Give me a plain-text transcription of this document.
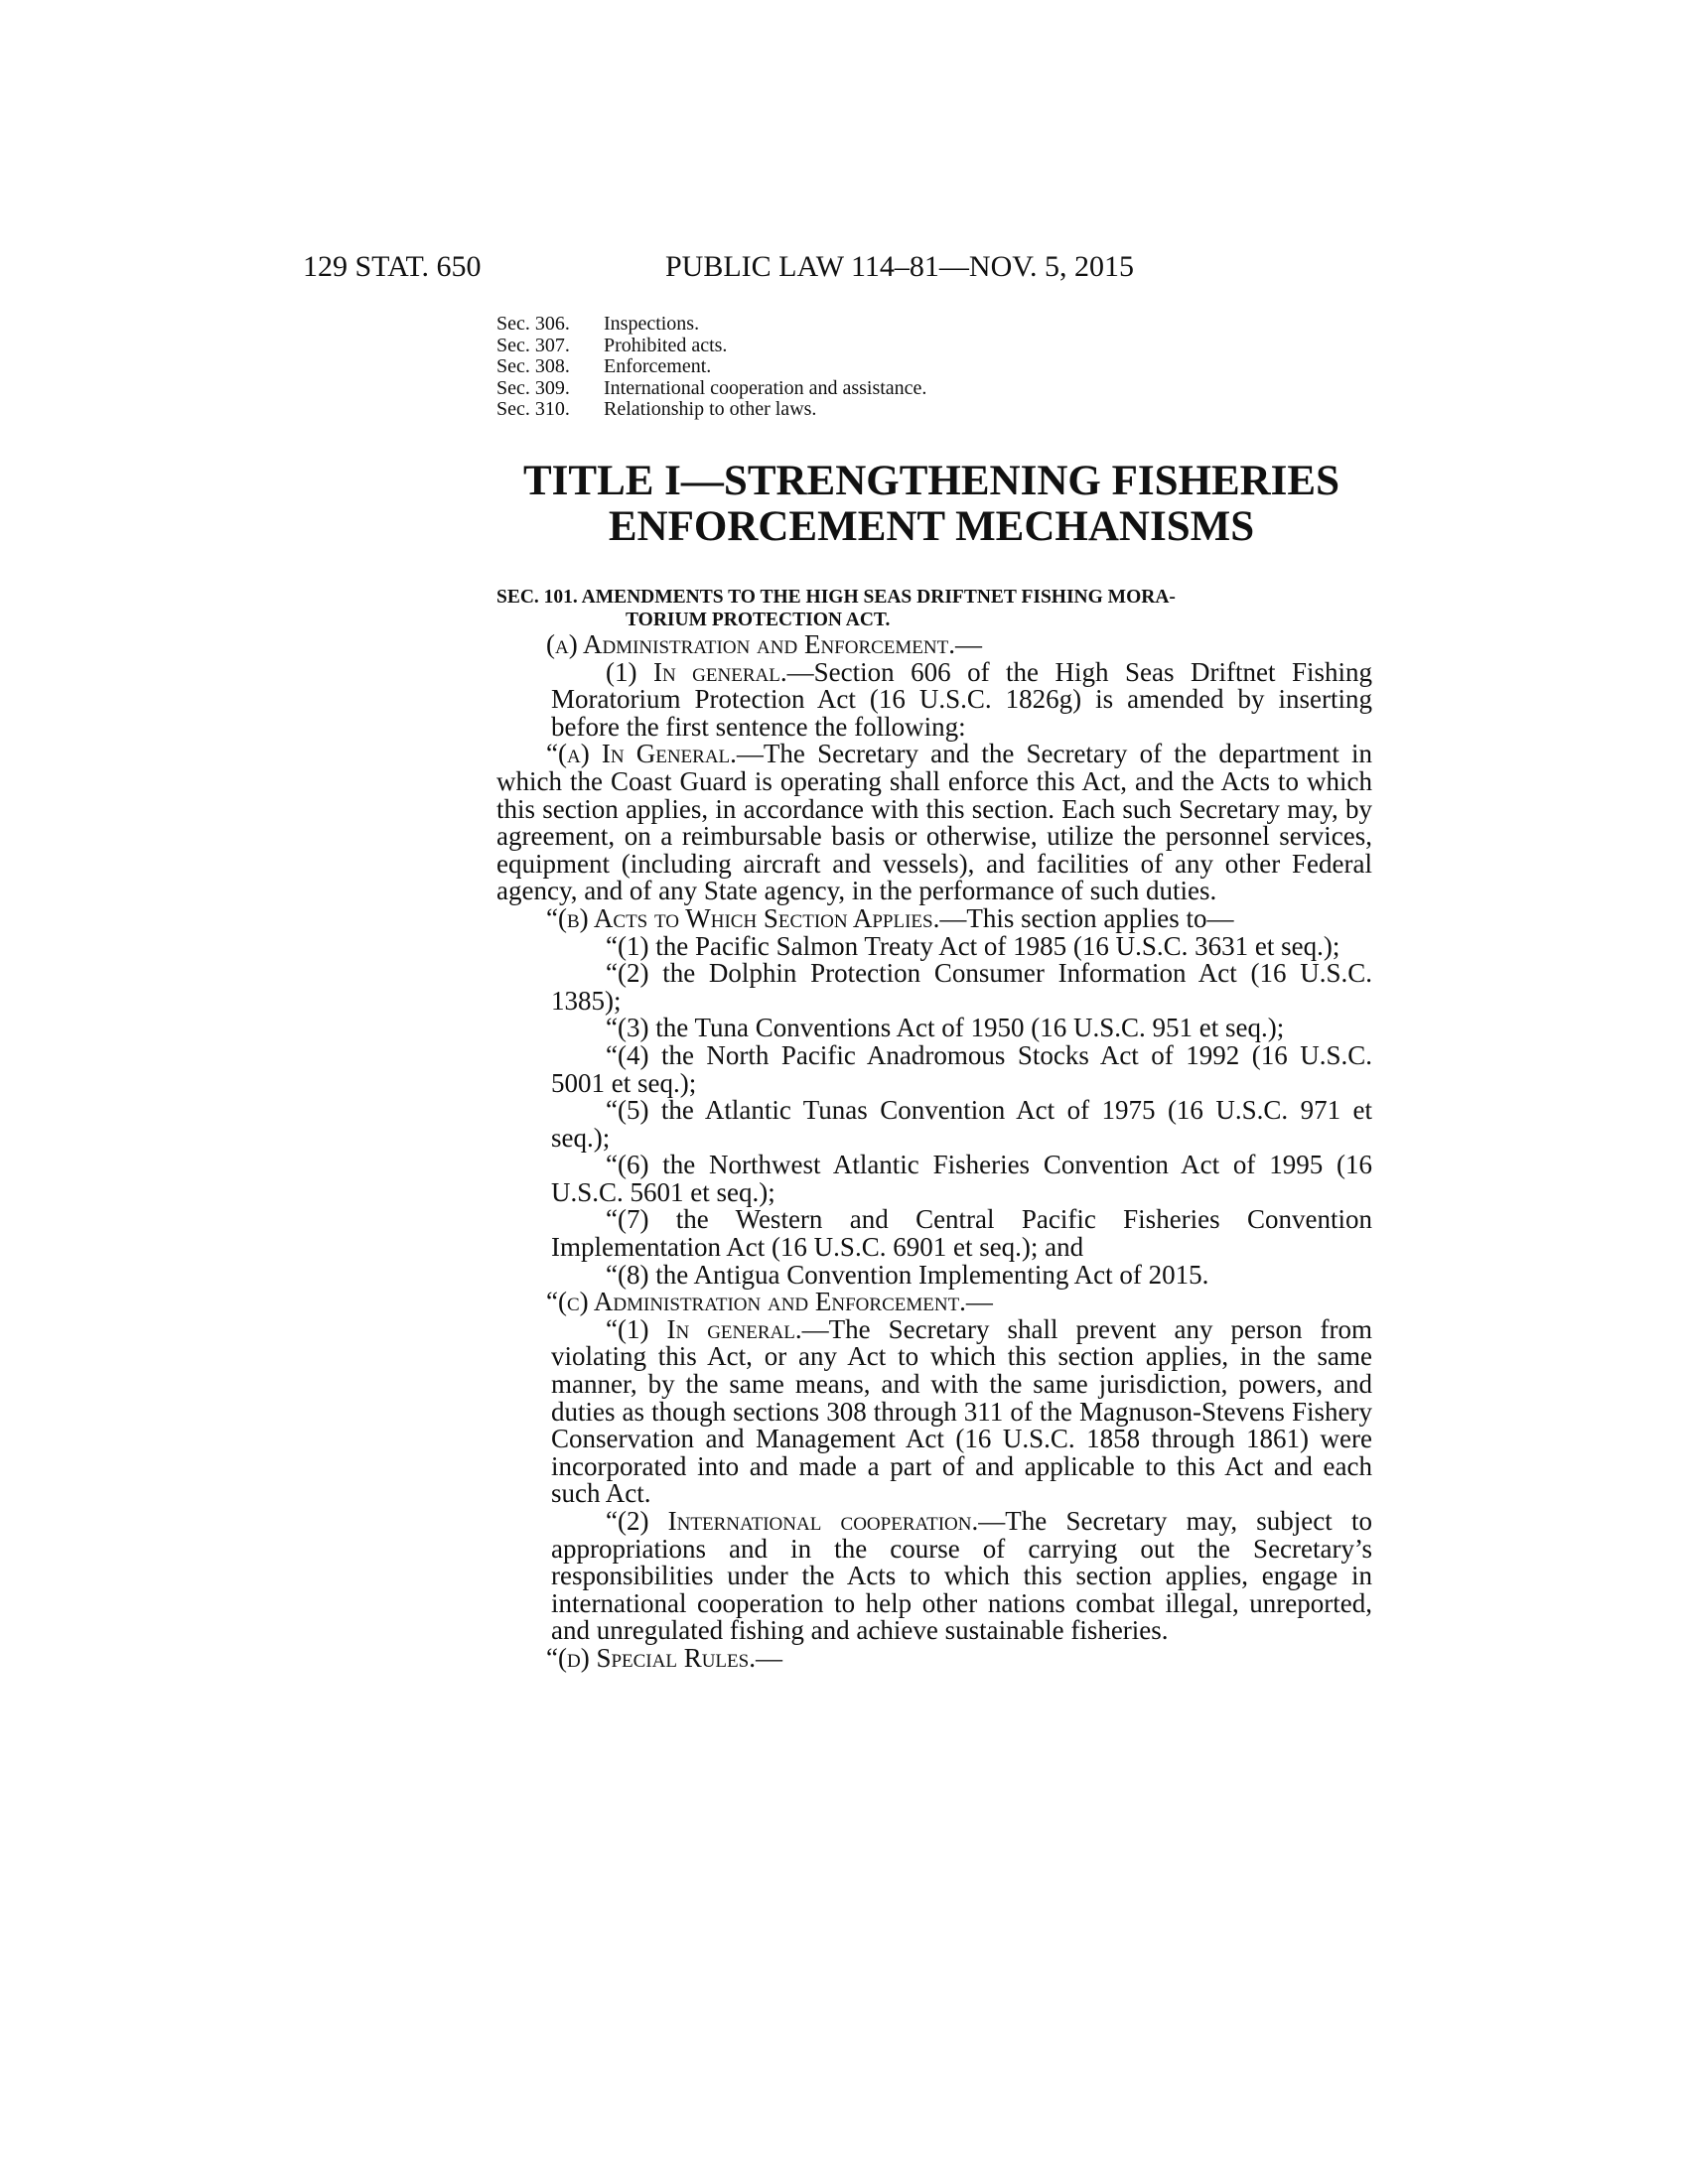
129 STAT. 650	PUBLIC LAW 114–81—NOV. 5, 2015
Sec. 306. Inspections.
Sec. 307. Prohibited acts.
Sec. 308. Enforcement.
Sec. 309. International cooperation and assistance.
Sec. 310. Relationship to other laws.
TITLE I—STRENGTHENING FISHERIES
ENFORCEMENT MECHANISMS
SEC. 101. AMENDMENTS TO THE HIGH SEAS DRIFTNET FISHING MORA-
TORIUM PROTECTION ACT.
(a) Administration and Enforcement.—
(1) In general.—Section 606 of the High Seas Driftnet Fishing Moratorium Protection Act (16 U.S.C. 1826g) is amended by inserting before the first sentence the following:
“(a) In General.—The Secretary and the Secretary of the department in which the Coast Guard is operating shall enforce this Act, and the Acts to which this section applies, in accordance with this section. Each such Secretary may, by agreement, on a reimbursable basis or otherwise, utilize the personnel services, equipment (including aircraft and vessels), and facilities of any other Federal agency, and of any State agency, in the performance of such duties.
“(b) Acts to Which Section Applies.—This section applies to—
“(1) the Pacific Salmon Treaty Act of 1985 (16 U.S.C. 3631 et seq.);
“(2) the Dolphin Protection Consumer Information Act (16 U.S.C. 1385);
“(3) the Tuna Conventions Act of 1950 (16 U.S.C. 951 et seq.);
“(4) the North Pacific Anadromous Stocks Act of 1992 (16 U.S.C. 5001 et seq.);
“(5) the Atlantic Tunas Convention Act of 1975 (16 U.S.C. 971 et seq.);
“(6) the Northwest Atlantic Fisheries Convention Act of 1995 (16 U.S.C. 5601 et seq.);
“(7) the Western and Central Pacific Fisheries Convention Implementation Act (16 U.S.C. 6901 et seq.); and
“(8) the Antigua Convention Implementing Act of 2015.
“(c) Administration and Enforcement.—
“(1) In general.—The Secretary shall prevent any person from violating this Act, or any Act to which this section applies, in the same manner, by the same means, and with the same jurisdiction, powers, and duties as though sections 308 through 311 of the Magnuson-Stevens Fishery Conservation and Management Act (16 U.S.C. 1858 through 1861) were incorporated into and made a part of and applicable to this Act and each such Act.
“(2) International cooperation.—The Secretary may, subject to appropriations and in the course of carrying out the Secretary’s responsibilities under the Acts to which this section applies, engage in international cooperation to help other nations combat illegal, unreported, and unregulated fishing and achieve sustainable fisheries.
“(d) Special Rules.—
